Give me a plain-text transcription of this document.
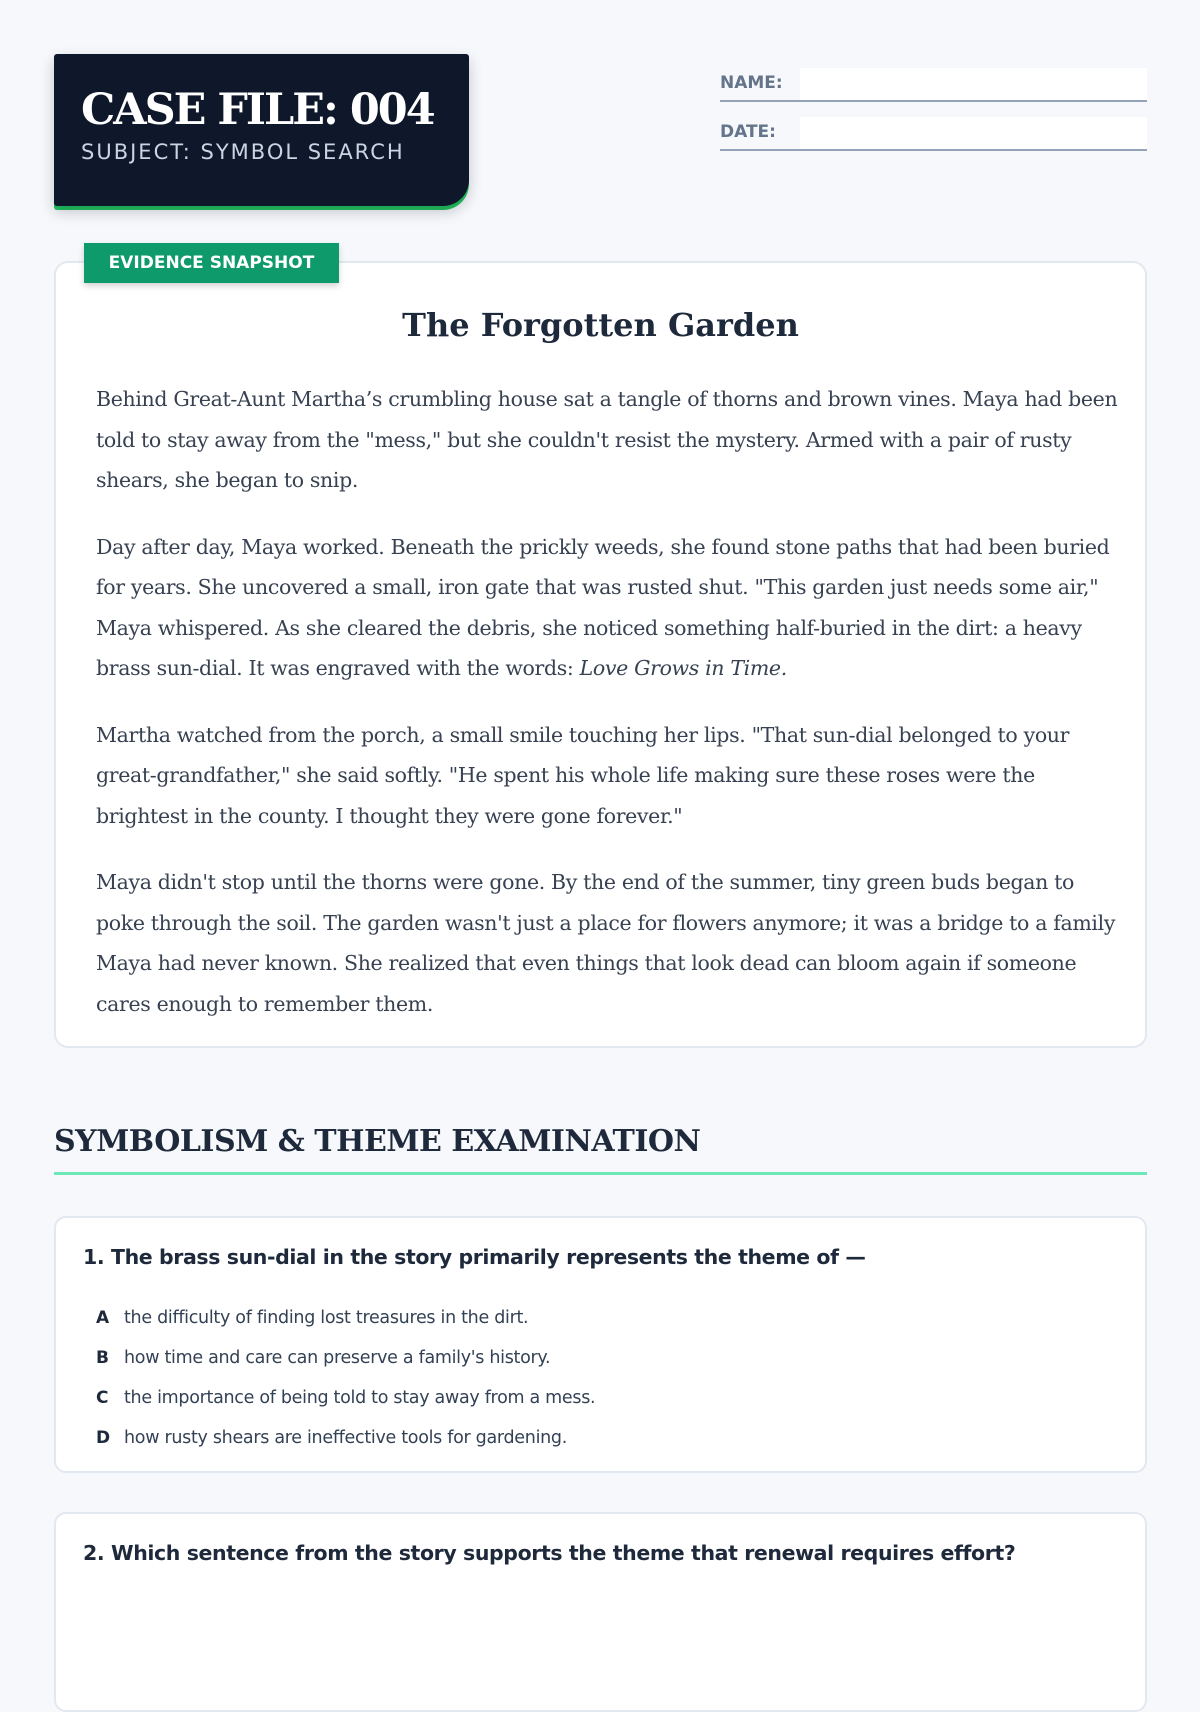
CASE FILE: 004
SUBJECT: SYMBOL SEARCH
NAME:
DATE:
EVIDENCE SNAPSHOT
The Forgotten Garden

Behind Great-Aunt Martha’s crumbling house sat a tangle of thorns and brown vines. Maya had been told to stay away from the "mess," but she couldn't resist the mystery. Armed with a pair of rusty shears, she began to snip.

Day after day, Maya worked. Beneath the prickly weeds, she found stone paths that had been buried for years. She uncovered a small, iron gate that was rusted shut. "This garden just needs some air," Maya whispered. As she cleared the debris, she noticed something half-buried in the dirt: a heavy brass sun-dial. It was engraved with the words: Love Grows in Time.

Martha watched from the porch, a small smile touching her lips. "That sun-dial belonged to your great-grandfather," she said softly. "He spent his whole life making sure these roses were the brightest in the county. I thought they were gone forever."

Maya didn't stop until the thorns were gone. By the end of the summer, tiny green buds began to poke through the soil. The garden wasn't just a place for flowers anymore; it was a bridge to a family Maya had never known. She realized that even things that look dead can bloom again if someone cares enough to remember them.

SYMBOLISM & THEME EXAMINATION

1. The brass sun-dial in the story primarily represents the theme of —

A the difficulty of finding lost treasures in the dirt.
B how time and care can preserve a family's history.
C the importance of being told to stay away from a mess.
D how rusty shears are ineffective tools for gardening.

2. Which sentence from the story supports the theme that renewal requires effort?
